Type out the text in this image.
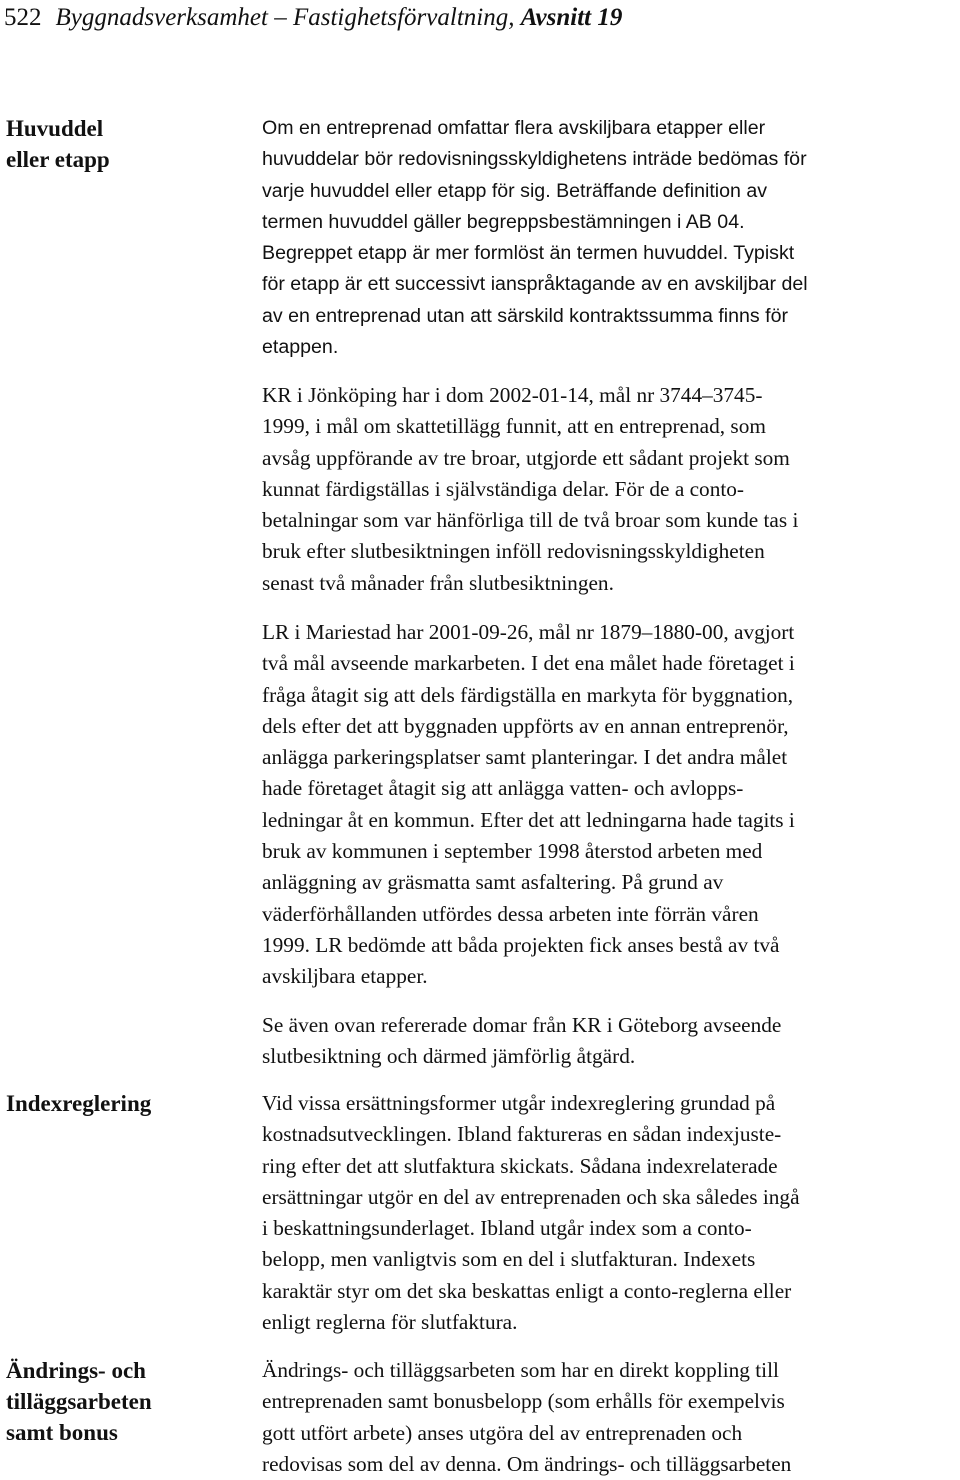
522 Byggnadsverksamhet – Fastighetsförvaltning, Avsnitt 19
Huvuddel
eller etapp
Indexreglering
Ändrings- och
tilläggsarbeten
samt bonus
Om en entreprenad omfattar flera avskiljbara etapper eller
huvuddelar bör redovisningsskyldighetens inträde bedömas för
varje huvuddel eller etapp för sig. Beträffande definition av
termen huvuddel gäller begreppsbestämningen i AB 04.
Begreppet etapp är mer formlöst än termen huvuddel. Typiskt
för etapp är ett successivt ianspråktagande av en avskiljbar del
av en entreprenad utan att särskild kontraktssumma finns för
etappen.
KR i Jönköping har i dom 2002-01-14, mål nr 3744–3745-
1999, i mål om skattetillägg funnit, att en entreprenad, som
avsåg uppförande av tre broar, utgjorde ett sådant projekt som
kunnat färdigställas i självständiga delar. För de a conto-
betalningar som var hänförliga till de två broar som kunde tas i
bruk efter slutbesiktningen inföll redovisningsskyldigheten
senast två månader från slutbesiktningen.
LR i Mariestad har 2001-09-26, mål nr 1879–1880-00, avgjort
två mål avseende markarbeten. I det ena målet hade företaget i
fråga åtagit sig att dels färdigställa en markyta för byggnation,
dels efter det att byggnaden uppförts av en annan entreprenör,
anlägga parkeringsplatser samt planteringar. I det andra målet
hade företaget åtagit sig att anlägga vatten- och avlopps-
ledningar åt en kommun. Efter det att ledningarna hade tagits i
bruk av kommunen i september 1998 återstod arbeten med
anläggning av gräsmatta samt asfaltering. På grund av
väderförhållanden utfördes dessa arbeten inte förrän våren
1999. LR bedömde att båda projekten fick anses bestå av två
avskiljbara etapper.
Se även ovan refererade domar från KR i Göteborg avseende
slutbesiktning och därmed jämförlig åtgärd.
Vid vissa ersättningsformer utgår indexreglering grundad på
kostnadsutvecklingen. Ibland faktureras en sådan indexjuste-
ring efter det att slutfaktura skickats. Sådana indexrelaterade
ersättningar utgör en del av entreprenaden och ska således ingå
i beskattningsunderlaget. Ibland utgår index som a conto-
belopp, men vanligtvis som en del i slutfakturan. Indexets
karaktär styr om det ska beskattas enligt a conto-reglerna eller
enligt reglerna för slutfaktura.
Ändrings- och tilläggsarbeten som har en direkt koppling till
entreprenaden samt bonusbelopp (som erhålls för exempelvis
gott utfört arbete) anses utgöra del av entreprenaden och
redovisas som del av denna. Om ändrings- och tilläggsarbeten
